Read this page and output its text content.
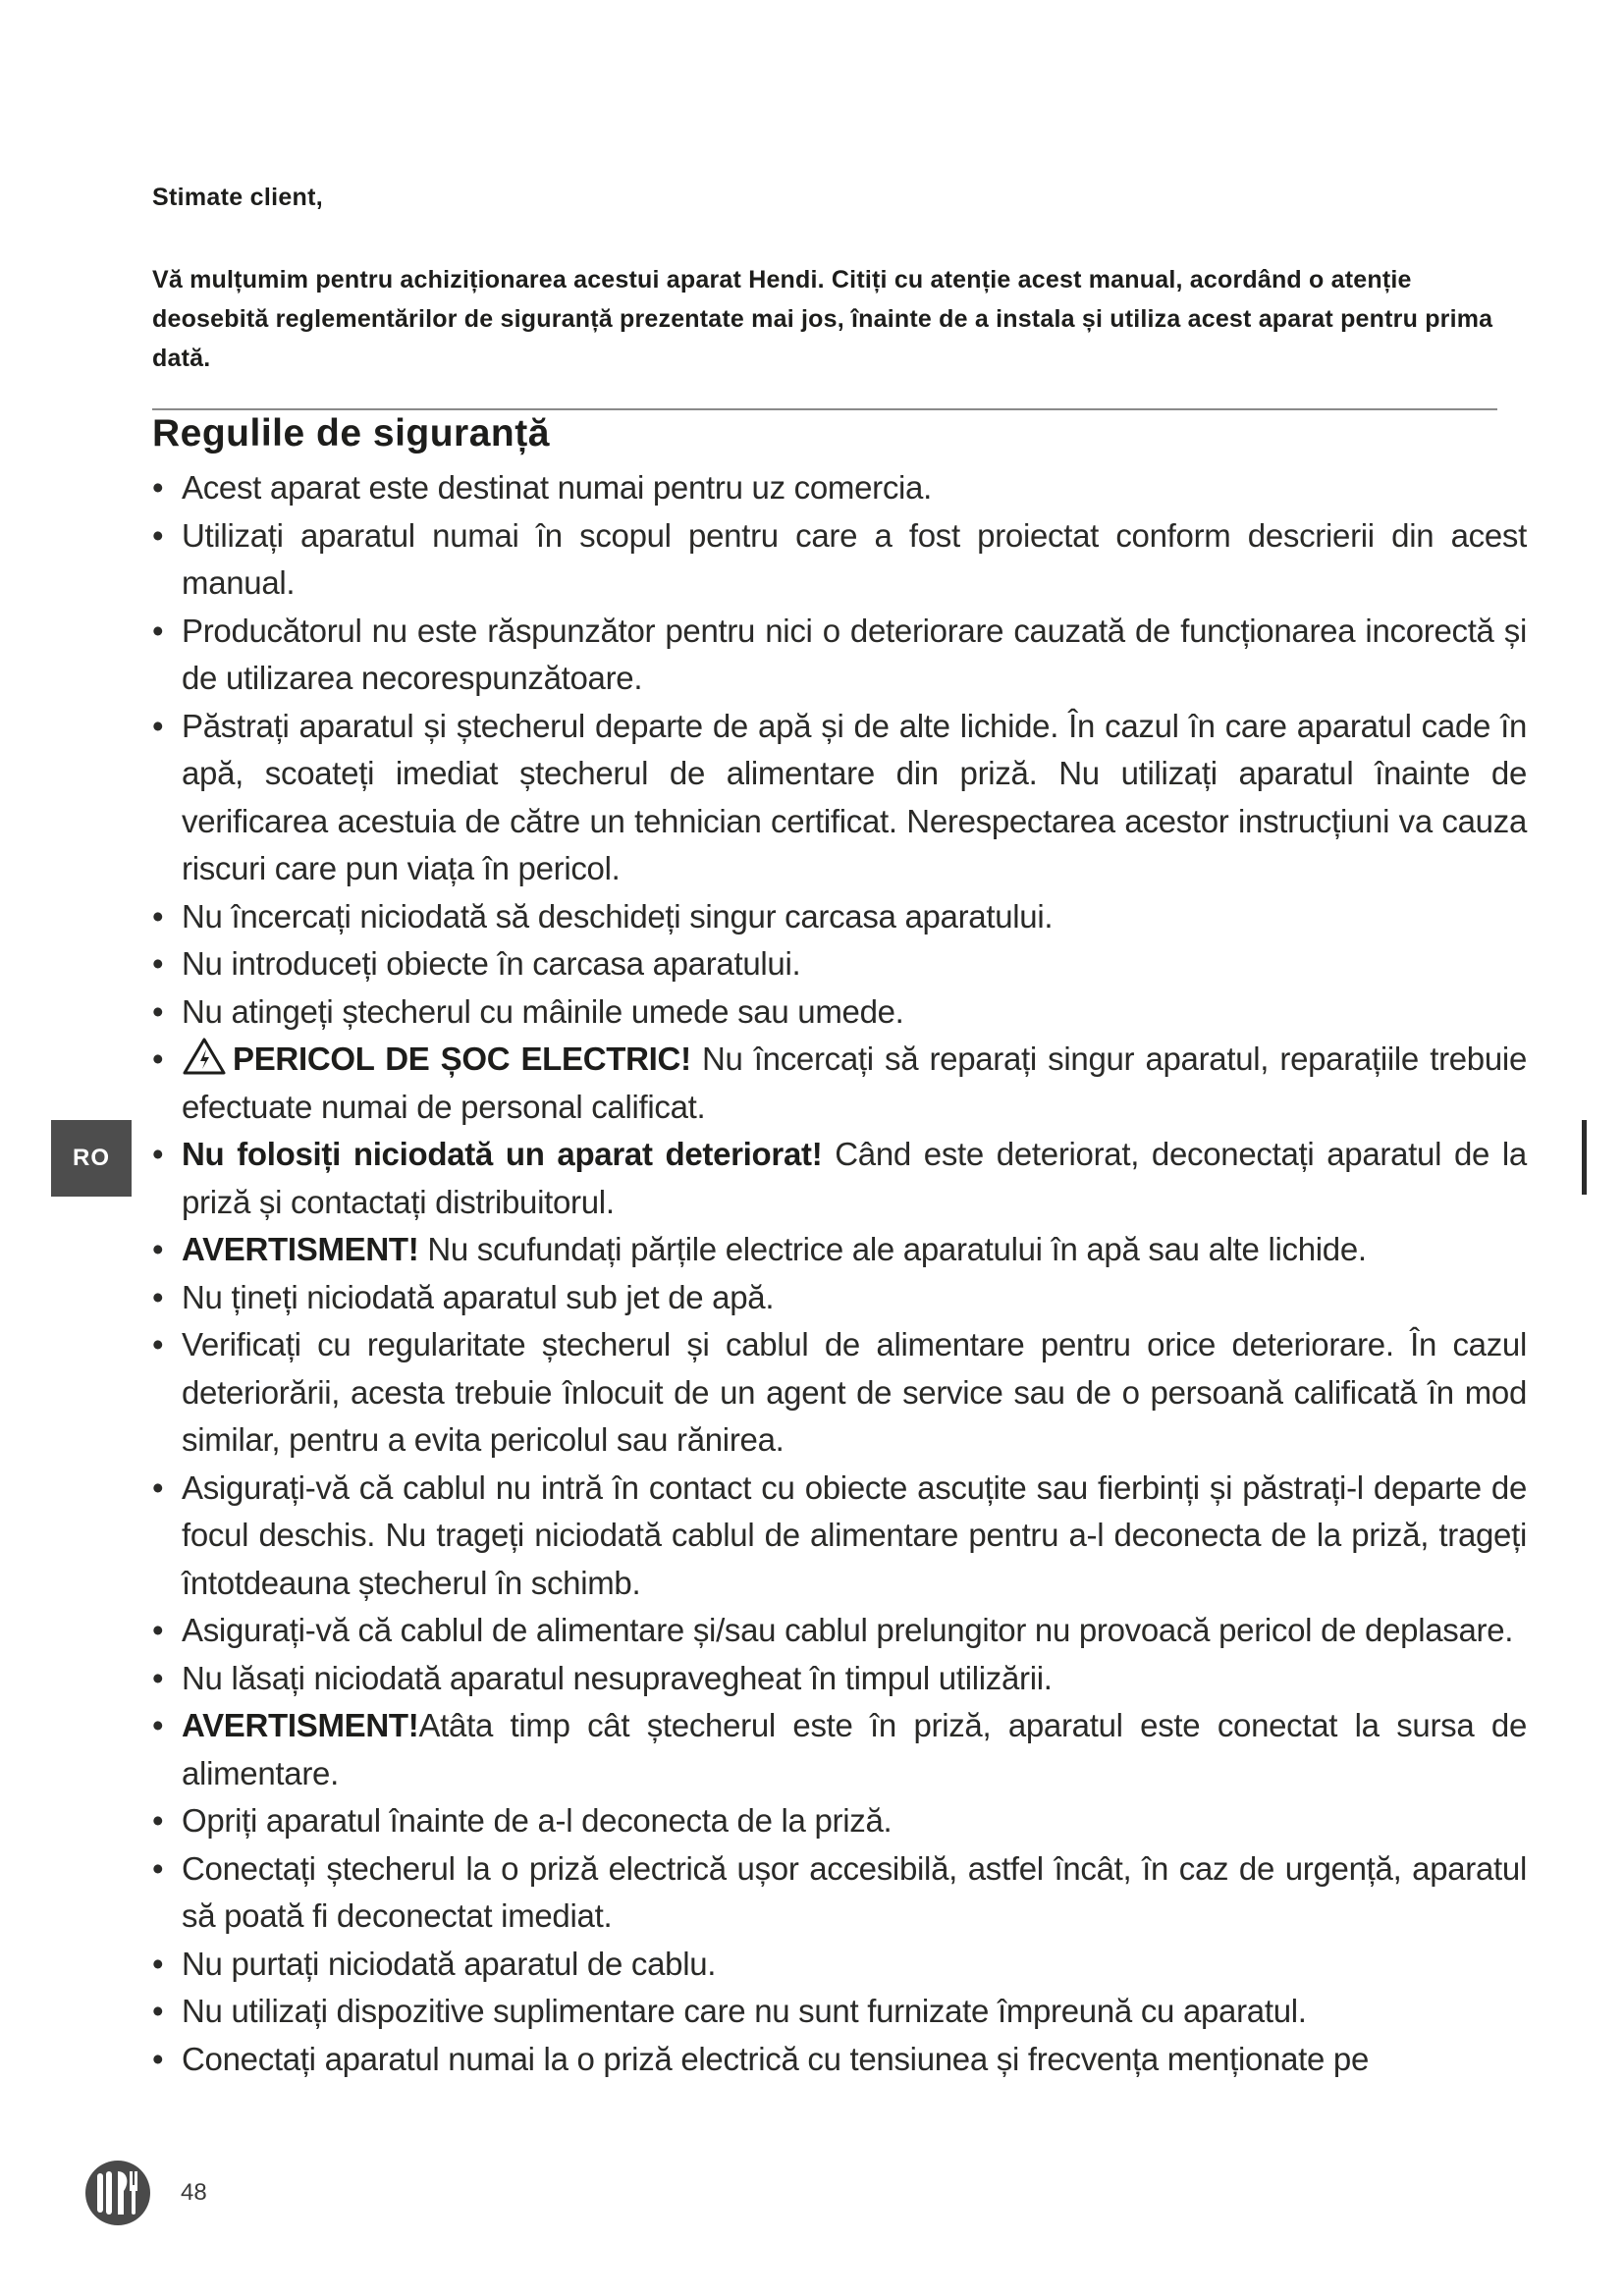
Stimate client,
Vă mulțumim pentru achiziționarea acestui aparat Hendi. Citiți cu atenție acest manual, acordând o atenție deosebită reglementărilor de siguranță prezentate mai jos, înainte de a instala și utiliza acest aparat pentru prima dată.
Regulile de siguranță
• Acest aparat este destinat numai pentru uz comercia.
• Utilizați aparatul numai în scopul pentru care a fost proiectat conform descrierii din acest manual.
• Producătorul nu este răspunzător pentru nici o deteriorare cauzată de funcționarea incorectă și de utilizarea necorespunzătoare.
• Păstrați aparatul și ștecherul departe de apă și de alte lichide. În cazul în care aparatul cade în apă, scoateți imediat ștecherul de alimentare din priză. Nu utilizați aparatul înainte de verificarea acestuia de către un tehnician certificat. Nerespectarea acestor instrucțiuni va cauza riscuri care pun viața în pericol.
• Nu încercați niciodată să deschideți singur carcasa aparatului.
• Nu introduceți obiecte în carcasa aparatului.
• Nu atingeți ștecherul cu mâinile umede sau umede.
• PERICOL DE ȘOC ELECTRIC! Nu încercați să reparați singur aparatul, reparațiile trebuie efectuate numai de personal calificat.
• Nu folosiți niciodată un aparat deteriorat! Când este deteriorat, deconectați aparatul de la priză și contactați distribuitorul.
• AVERTISMENT! Nu scufundați părțile electrice ale aparatului în apă sau alte lichide.
• Nu țineți niciodată aparatul sub jet de apă.
• Verificați cu regularitate ștecherul și cablul de alimentare pentru orice deteriorare. În cazul deteriorării, acesta trebuie înlocuit de un agent de service sau de o persoană calificată în mod similar, pentru a evita pericolul sau rănirea.
• Asigurați-vă că cablul nu intră în contact cu obiecte ascuțite sau fierbinți și păstrați-l departe de focul deschis. Nu trageți niciodată cablul de alimentare pentru a-l deconecta de la priză, trageți întotdeauna ștecherul în schimb.
• Asigurați-vă că cablul de alimentare și/sau cablul prelungitor nu provoacă pericol de deplasare.
• Nu lăsați niciodată aparatul nesupravegheat în timpul utilizării.
• AVERTISMENT!Atâta timp cât ștecherul este în priză, aparatul este conectat la sursa de alimentare.
• Opriți aparatul înainte de a-l deconecta de la priză.
• Conectați ștecherul la o priză electrică ușor accesibilă, astfel încât, în caz de urgență, aparatul să poată fi deconectat imediat.
• Nu purtați niciodată aparatul de cablu.
• Nu utilizați dispozitive suplimentare care nu sunt furnizate împreună cu aparatul.
• Conectați aparatul numai la o priză electrică cu tensiunea și frecvența menționate pe
RO
48
